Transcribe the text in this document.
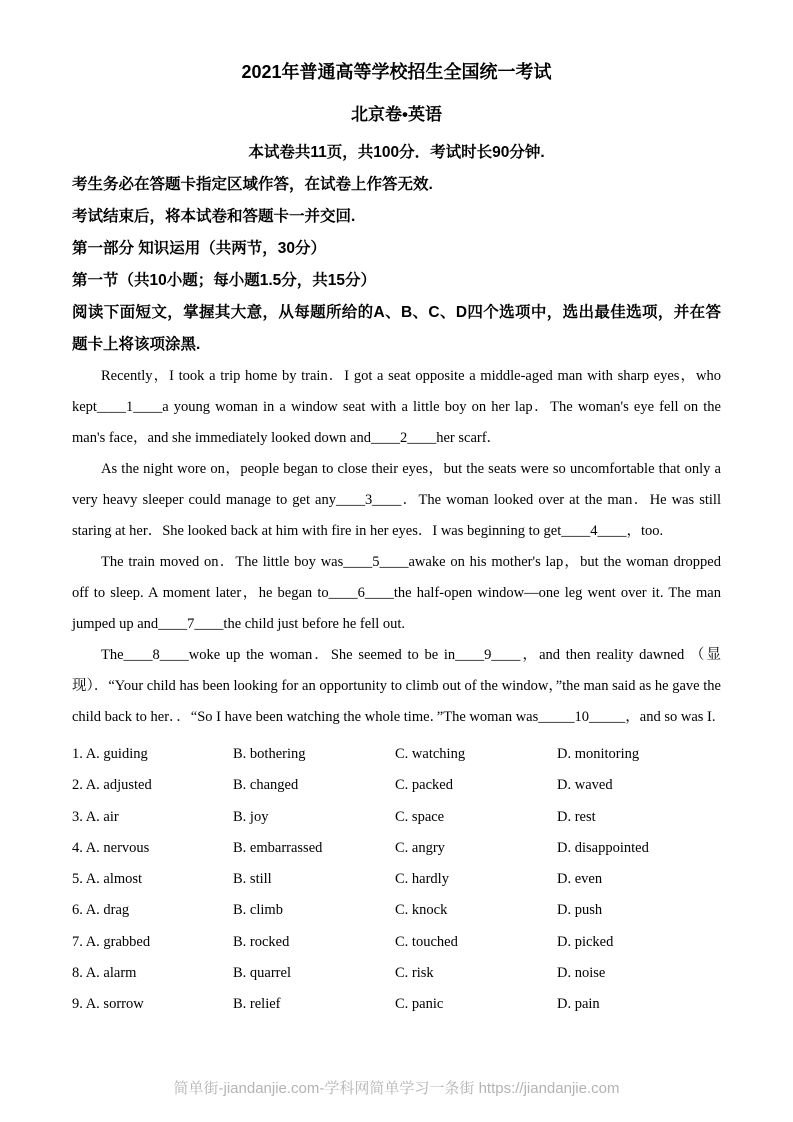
2021年普通高等学校招生全国统一考试
北京卷•英语

本试卷共11页，共100分．考试时长90分钟.

考生务必在答题卡指定区域作答，在试卷上作答无效.

考试结束后，将本试卷和答题卡一并交回.

第一部分 知识运用（共两节，30分）

第一节（共10小题；每小题1.5分，共15分）

阅读下面短文，掌握其大意，从每题所给的A、B、C、D四个选项中，选出最佳选项，并在答题卡上将该项涂黑.

Recently，I took a trip home by train．I got a seat opposite a middle-aged man with sharp eyes，who kept____1____a young woman in a window seat with a little boy on her lap．The woman's eye fell on the man's face，and she immediately looked down and____2____her scarf．

As the night wore on，people began to close their eyes，but the seats were so uncomfortable that only a very heavy sleeper could manage to get any____3____．The woman looked over at the man．He was still staring at her．She looked back at him with fire in her eyes．I was beginning to get____4____，too.

The train moved on．The little boy was____5____awake on his mother's lap，but the woman dropped off to sleep. A moment later，he began to____6____the half-open window—one leg went over it. The man jumped up and____7____the child just before he fell out.

The____8____woke up the woman．She seemed to be in____9____，and then reality dawned （显现）．“Your child has been looking for an opportunity to climb out of the window，”the man said as he gave the child back to her．．“So I have been watching the whole time．”The woman was_____10_____，and so was I.

1. A. guiding	B. bothering	C. watching	D. monitoring
2. A. adjusted	B. changed	C. packed	D. waved
3. A. air	B. joy	C. space	D. rest
4. A. nervous	B. embarrassed	C. angry	D. disappointed
5. A. almost	B. still	C. hardly	D. even
6. A. drag	B. climb	C. knock	D. push
7. A. grabbed	B. rocked	C. touched	D. picked
8. A. alarm	B. quarrel	C. risk	D. noise
9. A. sorrow	B. relief	C. panic	D. pain
简单街-jiandanjie.com-学科网简单学习一条街 https://jiandanjie.com
